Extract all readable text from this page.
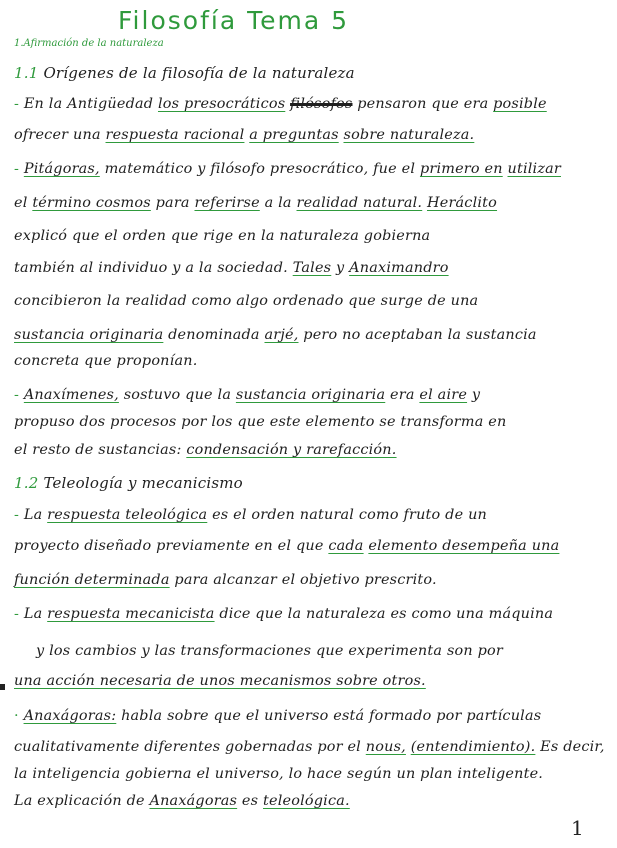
Filosofía Tema 5
1.Afirmación de la naturaleza
1.1 Orígenes de la filosofía de la naturaleza
- En la Antigüedad los presocráticos filósofos pensaron que era posible
ofrecer una respuesta racional a preguntas sobre naturaleza.
- Pitágoras, matemático y filósofo presocrático, fue el primero en utilizar
el término cosmos para referirse a la realidad natural. Heráclito
explicó que el orden que rige en la naturaleza gobierna
también al individuo y a la sociedad. Tales y Anaximandro
concibieron la realidad como algo ordenado que surge de una
sustancia originaria denominada arjé, pero no aceptaban la sustancia
concreta que proponían.
- Anaxímenes, sostuvo que la sustancia originaria era el aire y
propuso dos procesos por los que este elemento se transforma en
el resto de sustancias: condensación y rarefacción.
1.2 Teleología y mecanicismo
- La respuesta teleológica es el orden natural como fruto de un
proyecto diseñado previamente en el que cada elemento desempeña una
función determinada para alcanzar el objetivo prescrito.
- La respuesta mecanicista dice que la naturaleza es como una máquina
y los cambios y las transformaciones que experimenta son por
una acción necesaria de unos mecanismos sobre otros.
· Anaxágoras: habla sobre que el universo está formado por partículas
cualitativamente diferentes gobernadas por el nous, (entendimiento). Es decir,
la inteligencia gobierna el universo, lo hace según un plan inteligente.
La explicación de Anaxágoras es teleológica.
1
